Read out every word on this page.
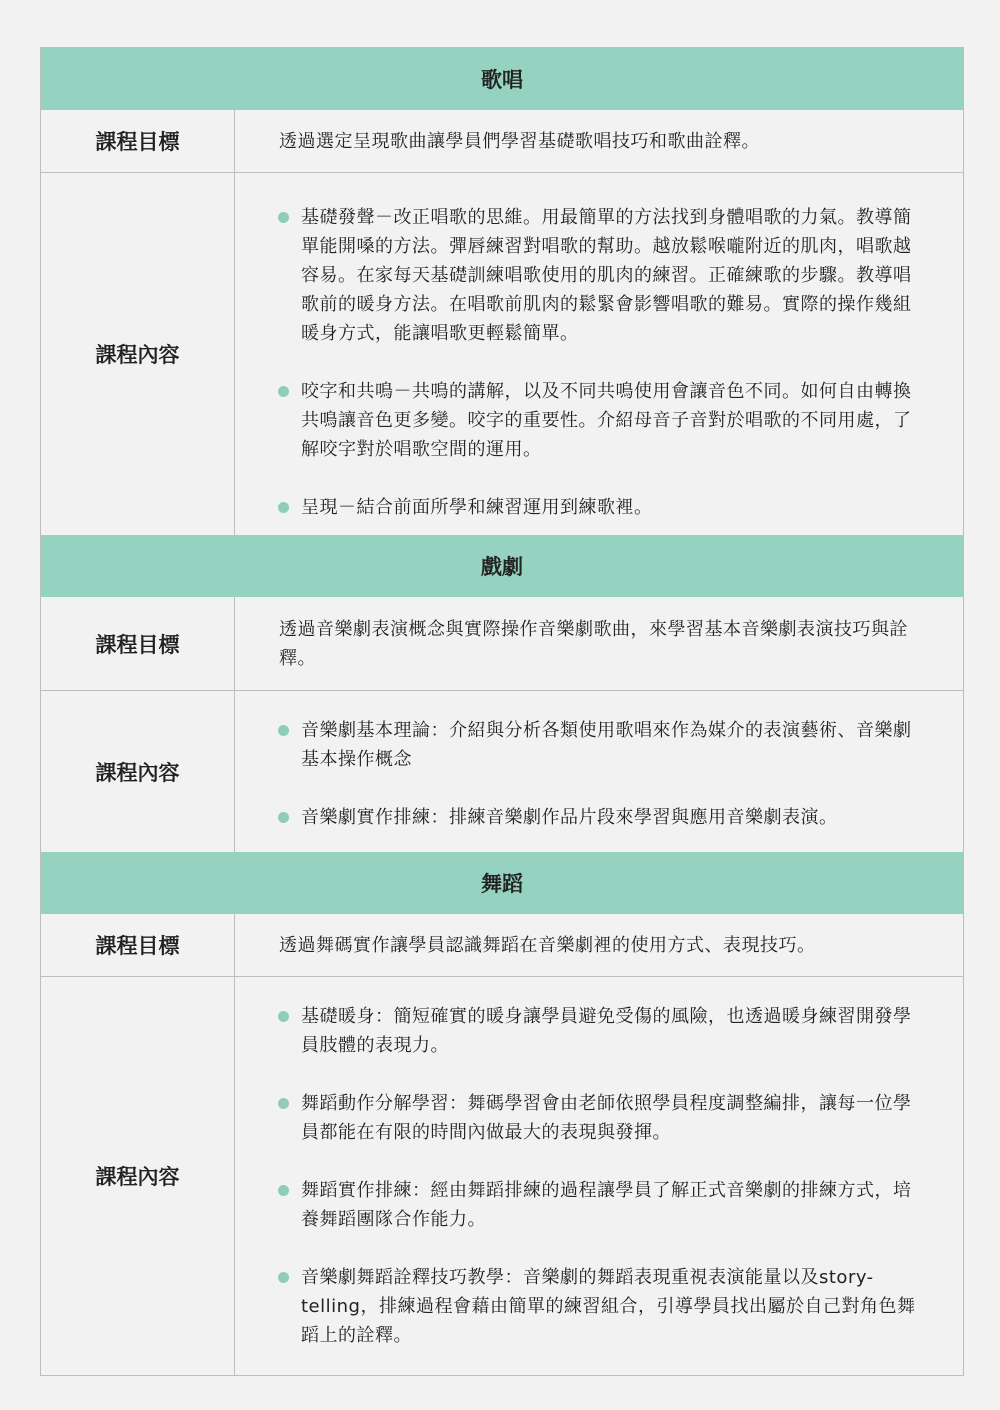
歌唱
課程目標	透過選定呈現歌曲讓學員們學習基礎歌唱技巧和歌曲詮釋。
課程內容
基礎發聲－改正唱歌的思維。用最簡單的方法找到身體唱歌的力氣。教導簡單能開嗓的方法。彈唇練習對唱歌的幫助。越放鬆喉嚨附近的肌肉，唱歌越容易。在家每天基礎訓練唱歌使用的肌肉的練習。正確練歌的步驟。教導唱歌前的暖身方法。在唱歌前肌肉的鬆緊會影響唱歌的難易。實際的操作幾組暖身方式，能讓唱歌更輕鬆簡單。
咬字和共鳴－共鳴的講解，以及不同共鳴使用會讓音色不同。如何自由轉換共鳴讓音色更多變。咬字的重要性。介紹母音子音對於唱歌的不同用處，了解咬字對於唱歌空間的運用。
呈現－結合前面所學和練習運用到練歌裡。
戲劇
課程目標
透過音樂劇表演概念與實際操作音樂劇歌曲，來學習基本音樂劇表演技巧與詮釋。
課程內容
音樂劇基本理論：介紹與分析各類使用歌唱來作為媒介的表演藝術、音樂劇基本操作概念
音樂劇實作排練：排練音樂劇作品片段來學習與應用音樂劇表演。
舞蹈
課程目標	透過舞碼實作讓學員認識舞蹈在音樂劇裡的使用方式、表現技巧。
課程內容
基礎暖身：簡短確實的暖身讓學員避免受傷的風險，也透過暖身練習開發學員肢體的表現力。
舞蹈動作分解學習：舞碼學習會由老師依照學員程度調整編排，讓每一位學員都能在有限的時間內做最大的表現與發揮。
舞蹈實作排練：經由舞蹈排練的過程讓學員了解正式音樂劇的排練方式，培養舞蹈團隊合作能力。
音樂劇舞蹈詮釋技巧教學：音樂劇的舞蹈表現重視表演能量以及story-telling，排練過程會藉由簡單的練習組合，引導學員找出屬於自己對角色舞蹈上的詮釋。
